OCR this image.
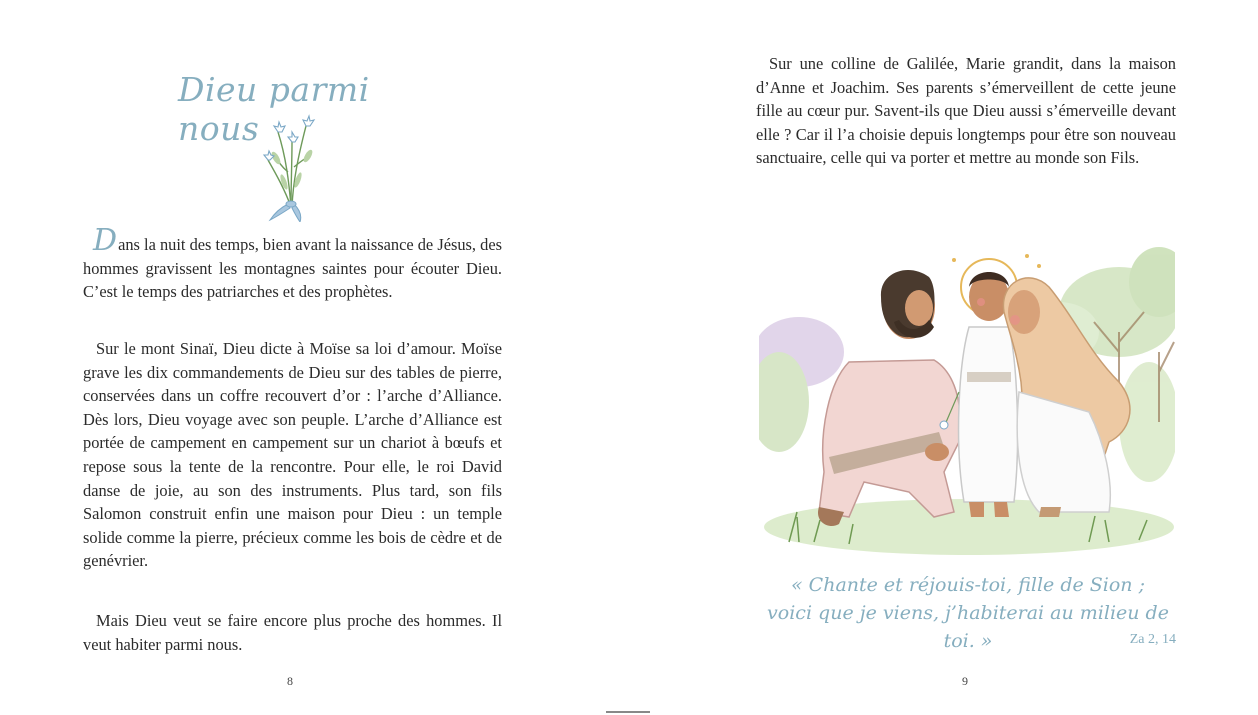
Dieu parmi nous

Dans la nuit des temps, bien avant la naissance de Jésus, des hommes gravissent les montagnes saintes pour écouter Dieu. C’est le temps des patriarches et des prophètes.

Sur le mont Sinaï, Dieu dicte à Moïse sa loi d’amour. Moïse grave les dix commandements de Dieu sur des tables de pierre, conservées dans un coffre recouvert d’or : l’arche d’Alliance. Dès lors, Dieu voyage avec son peuple. L’arche d’Alliance est portée de campement en campement sur un chariot à bœufs et repose sous la tente de la rencontre. Pour elle, le roi David danse de joie, au son des instruments. Plus tard, son fils Salomon construit enfin une maison pour Dieu : un temple solide comme la pierre, précieux comme les bois de cèdre et de genévrier.

Mais Dieu veut se faire encore plus proche des hommes. Il veut habiter parmi nous.

8

Sur une colline de Galilée, Marie grandit, dans la maison d’Anne et Joachim. Ses parents s’émerveillent de cette jeune fille au cœur pur. Savent-ils que Dieu aussi s’émerveille devant elle ? Car il l’a choisie depuis longtemps pour être son nouveau sanctuaire, celle qui va porter et mettre au monde son Fils.

« Chante et réjouis-toi, fille de Sion ;
voici que je viens, j’habiterai au milieu de toi. »	Za 2, 14
9
